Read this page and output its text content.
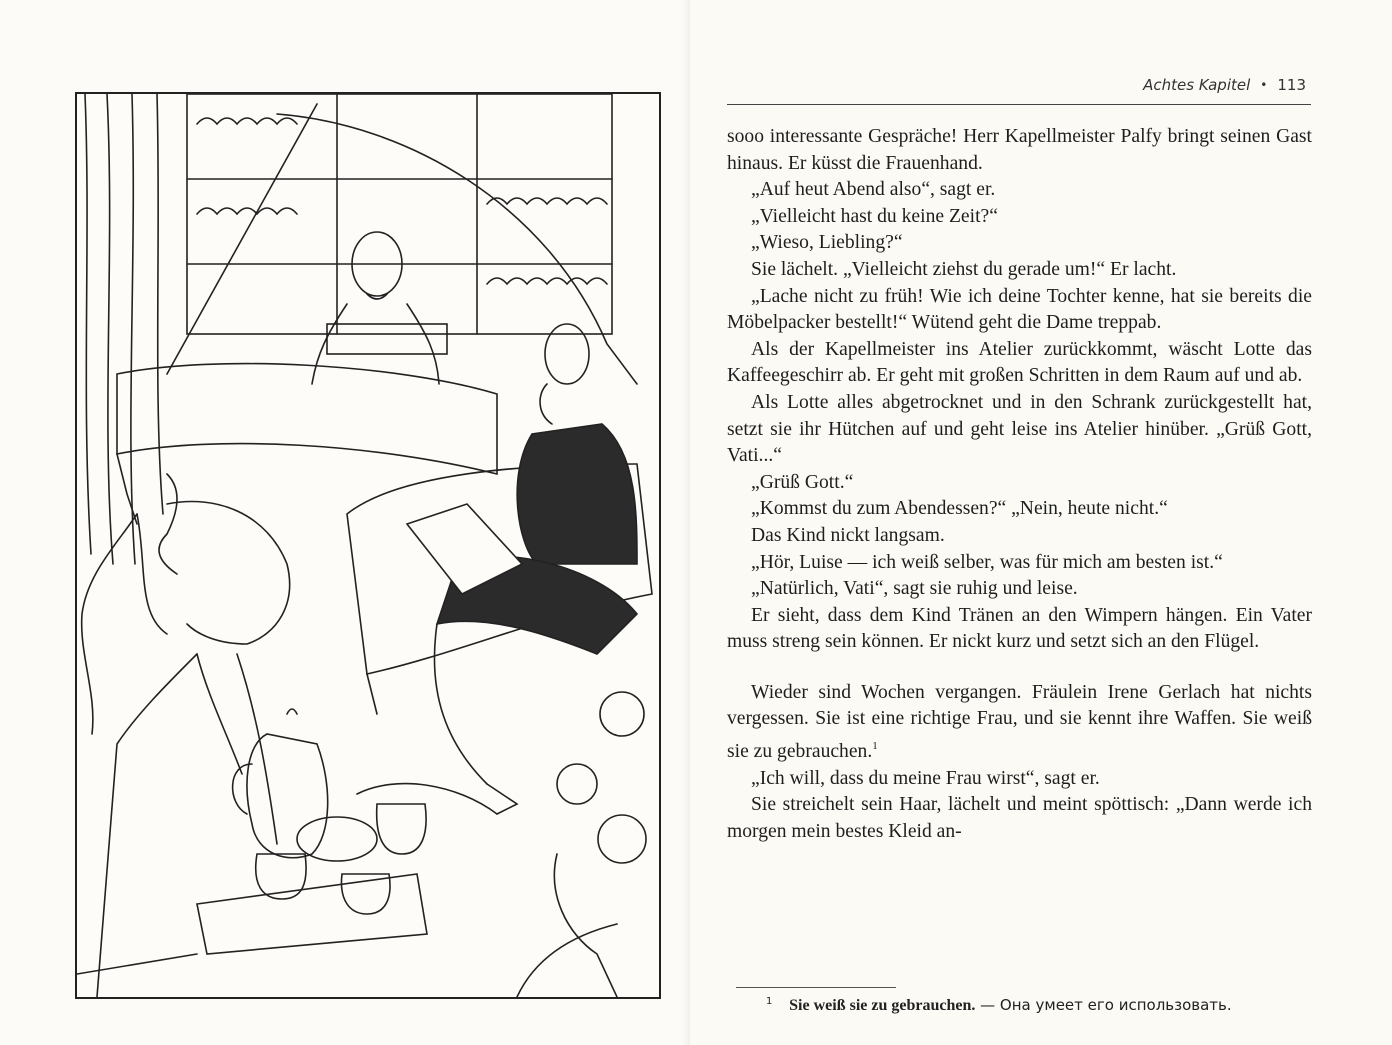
Achtes Kapitel • 113

sooo interessante Gespräche! Herr Kapellmeister Palfy bringt seinen Gast hinaus. Er küsst die Frauenhand.

„Auf heut Abend also“, sagt er.

„Vielleicht hast du keine Zeit?“

„Wieso, Liebling?“

Sie lächelt. „Vielleicht ziehst du gerade um!“ Er lacht.

„Lache nicht zu früh! Wie ich deine Tochter kenne, hat sie bereits die Möbelpacker bestellt!“ Wütend geht die Dame treppab.

Als der Kapellmeister ins Atelier zurückkommt, wäscht Lotte das Kaffeegeschirr ab. Er geht mit großen Schritten in dem Raum auf und ab.

Als Lotte alles abgetrocknet und in den Schrank zurückgestellt hat, setzt sie ihr Hütchen auf und geht leise ins Atelier hinüber. „Grüß Gott, Vati...“

„Grüß Gott.“

„Kommst du zum Abendessen?“ „Nein, heute nicht.“

Das Kind nickt langsam.

„Hör, Luise — ich weiß selber, was für mich am besten ist.“

„Natürlich, Vati“, sagt sie ruhig und leise.

Er sieht, dass dem Kind Tränen an den Wimpern hängen. Ein Vater muss streng sein können. Er nickt kurz und setzt sich an den Flügel.

Wieder sind Wochen vergangen. Fräulein Irene Gerlach hat nichts vergessen. Sie ist eine richtige Frau, und sie kennt ihre Waffen. Sie weiß sie zu gebrauchen.$^1$

„Ich will, dass du meine Frau wirst“, sagt er.

Sie streichelt sein Haar, lächelt und meint spöttisch: „Dann werde ich morgen mein bestes Kleid an-

$^1$ Sie weiß sie zu gebrauchen. — Она умеет его использовать.
